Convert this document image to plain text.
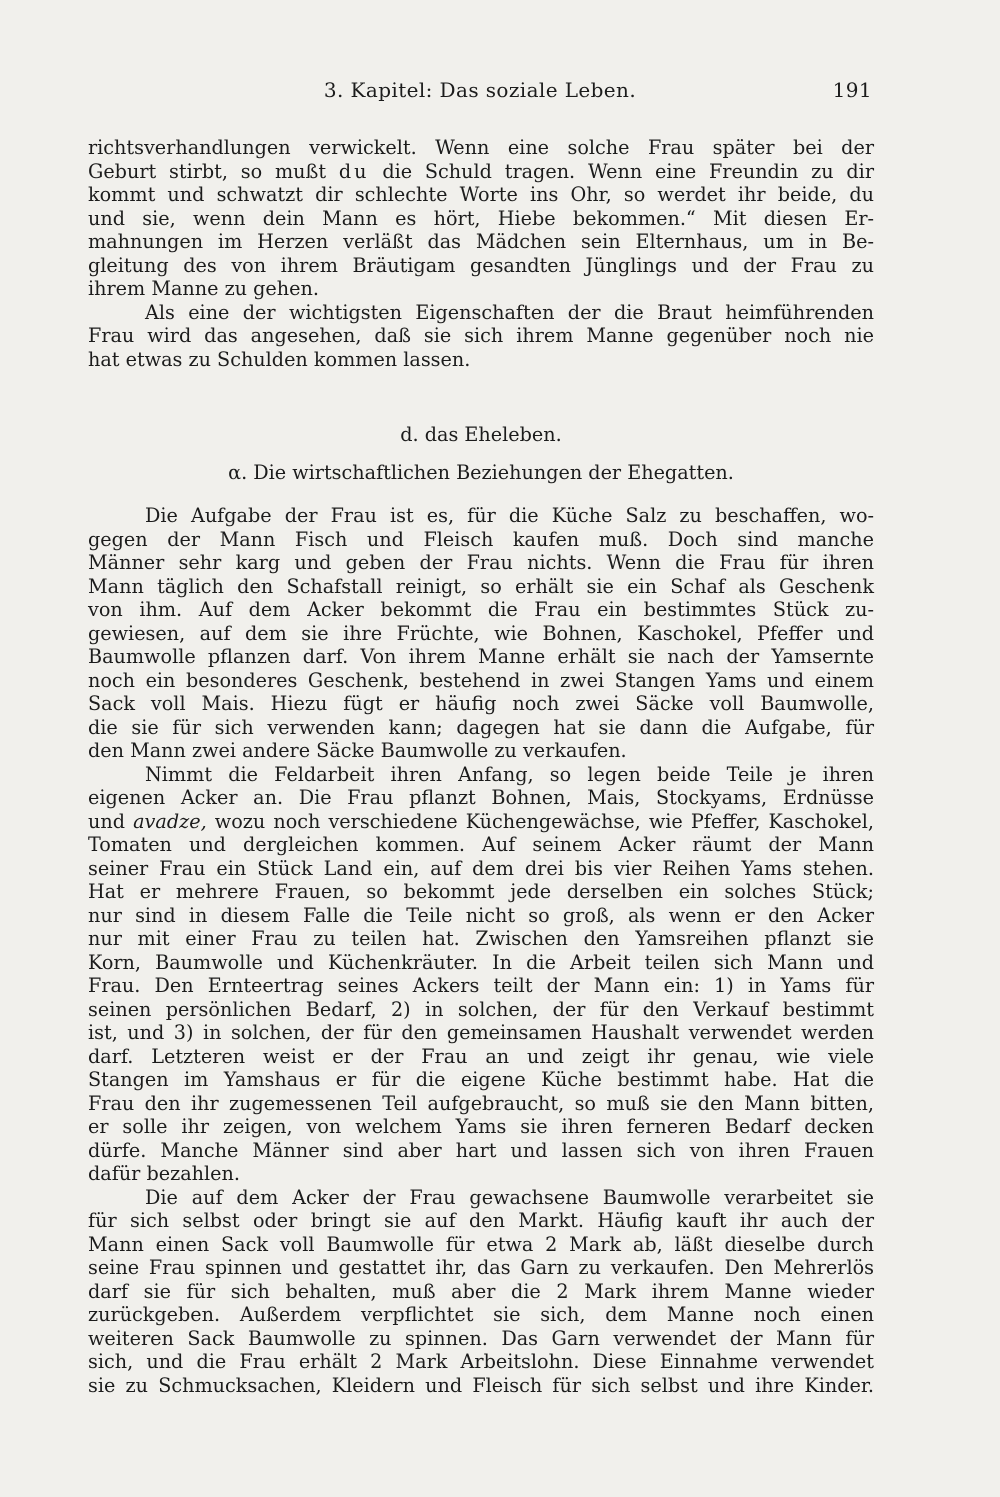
3. Kapitel: Das soziale Leben.	191
richtsverhandlungen verwickelt. Wenn eine solche Frau später bei der
Geburt stirbt, so mußt du die Schuld tragen. Wenn eine Freundin zu dir
kommt und schwatzt dir schlechte Worte ins Ohr, so werdet ihr beide, du
und sie, wenn dein Mann es hört, Hiebe bekommen.“ Mit diesen Er-
mahnungen im Herzen verläßt das Mädchen sein Elternhaus, um in Be-
gleitung des von ihrem Bräutigam gesandten Jünglings und der Frau zu
ihrem Manne zu gehen.
Als eine der wichtigsten Eigenschaften der die Braut heimführenden
Frau wird das angesehen, daß sie sich ihrem Manne gegenüber noch nie
hat etwas zu Schulden kommen lassen.
d. das Eheleben.
α. Die wirtschaftlichen Beziehungen der Ehegatten.
Die Aufgabe der Frau ist es, für die Küche Salz zu beschaffen, wo-
gegen der Mann Fisch und Fleisch kaufen muß. Doch sind manche
Männer sehr karg und geben der Frau nichts. Wenn die Frau für ihren
Mann täglich den Schafstall reinigt, so erhält sie ein Schaf als Geschenk
von ihm. Auf dem Acker bekommt die Frau ein bestimmtes Stück zu-
gewiesen, auf dem sie ihre Früchte, wie Bohnen, Kaschokel, Pfeffer und
Baumwolle pflanzen darf. Von ihrem Manne erhält sie nach der Yamsernte
noch ein besonderes Geschenk, bestehend in zwei Stangen Yams und einem
Sack voll Mais. Hiezu fügt er häufig noch zwei Säcke voll Baumwolle,
die sie für sich verwenden kann; dagegen hat sie dann die Aufgabe, für
den Mann zwei andere Säcke Baumwolle zu verkaufen.
Nimmt die Feldarbeit ihren Anfang, so legen beide Teile je ihren
eigenen Acker an. Die Frau pflanzt Bohnen, Mais, Stockyams, Erdnüsse
und avadze, wozu noch verschiedene Küchengewächse, wie Pfeffer, Kaschokel,
Tomaten und dergleichen kommen. Auf seinem Acker räumt der Mann
seiner Frau ein Stück Land ein, auf dem drei bis vier Reihen Yams stehen.
Hat er mehrere Frauen, so bekommt jede derselben ein solches Stück;
nur sind in diesem Falle die Teile nicht so groß, als wenn er den Acker
nur mit einer Frau zu teilen hat. Zwischen den Yamsreihen pflanzt sie
Korn, Baumwolle und Küchenkräuter. In die Arbeit teilen sich Mann und
Frau. Den Ernteertrag seines Ackers teilt der Mann ein: 1) in Yams für
seinen persönlichen Bedarf, 2) in solchen, der für den Verkauf bestimmt
ist, und 3) in solchen, der für den gemeinsamen Haushalt verwendet werden
darf. Letzteren weist er der Frau an und zeigt ihr genau, wie viele
Stangen im Yamshaus er für die eigene Küche bestimmt habe. Hat die
Frau den ihr zugemessenen Teil aufgebraucht, so muß sie den Mann bitten,
er solle ihr zeigen, von welchem Yams sie ihren ferneren Bedarf decken
dürfe. Manche Männer sind aber hart und lassen sich von ihren Frauen
dafür bezahlen.
Die auf dem Acker der Frau gewachsene Baumwolle verarbeitet sie
für sich selbst oder bringt sie auf den Markt. Häufig kauft ihr auch der
Mann einen Sack voll Baumwolle für etwa 2 Mark ab, läßt dieselbe durch
seine Frau spinnen und gestattet ihr, das Garn zu verkaufen. Den Mehrerlös
darf sie für sich behalten, muß aber die 2 Mark ihrem Manne wieder
zurückgeben. Außerdem verpflichtet sie sich, dem Manne noch einen
weiteren Sack Baumwolle zu spinnen. Das Garn verwendet der Mann für
sich, und die Frau erhält 2 Mark Arbeitslohn. Diese Einnahme verwendet
sie zu Schmucksachen, Kleidern und Fleisch für sich selbst und ihre Kinder.
